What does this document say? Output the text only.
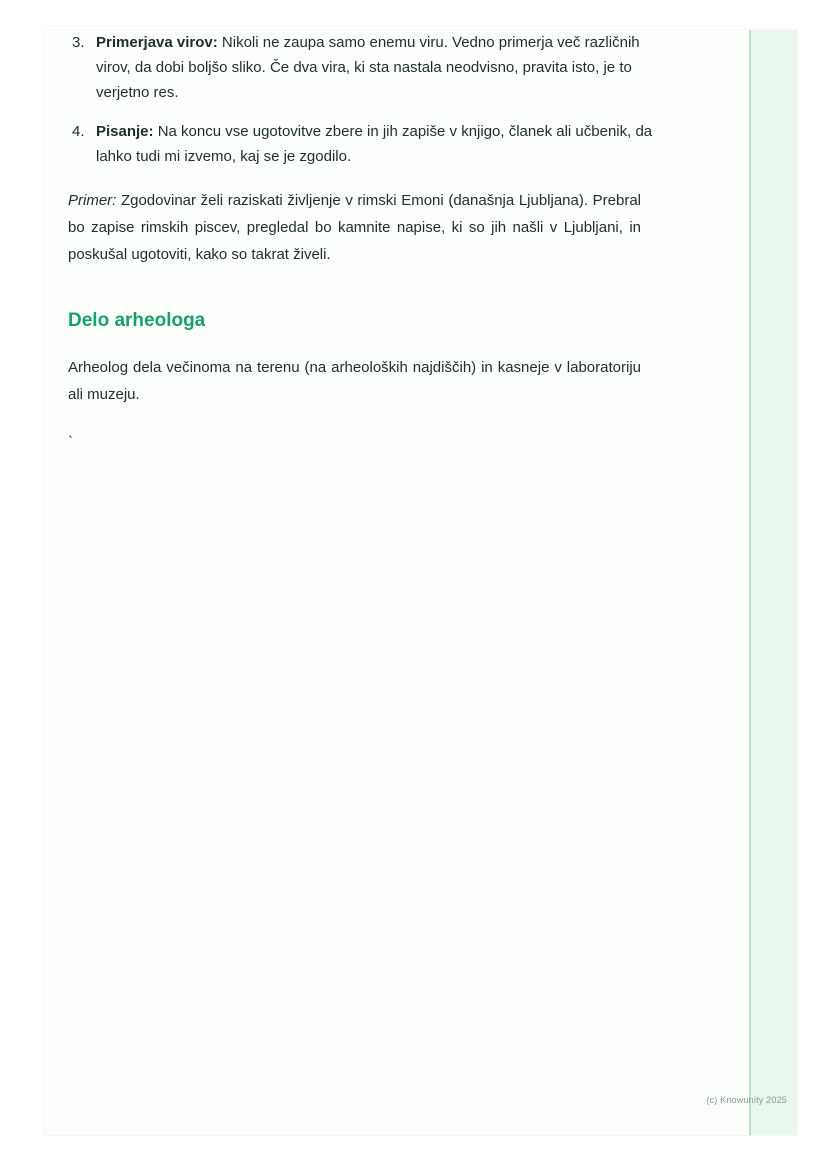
3. Primerjava virov: Nikoli ne zaupa samo enemu viru. Vedno primerja več različnih virov, da dobi boljšo sliko. Če dva vira, ki sta nastala neodvisno, pravita isto, je to verjetno res.
4. Pisanje: Na koncu vse ugotovitve zbere in jih zapiše v knjigo, članek ali učbenik, da lahko tudi mi izvemo, kaj se je zgodilo.

Primer: Zgodovinar želi raziskati življenje v rimski Emoni (današnja Ljubljana). Prebral bo zapise rimskih piscev, pregledal bo kamnite napise, ki so jih našli v Ljubljani, in poskušal ugotoviti, kako so takrat živeli.

Delo arheologa

Arheolog dela večinoma na terenu (na arheoloških najdiščih) in kasneje v laboratoriju ali muzeju.

`
(c) Knowunity 2025
